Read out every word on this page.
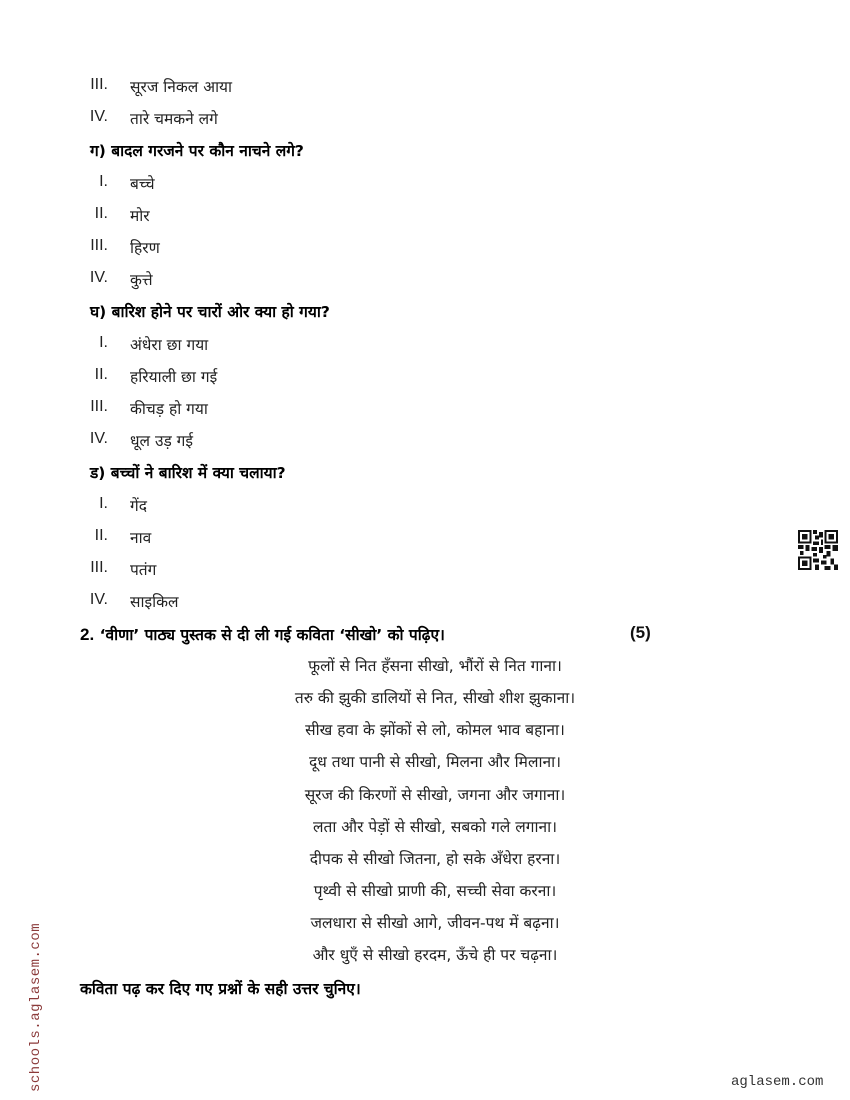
III. सूरज निकल आया
IV. तारे चमकने लगे
ग) बादल गरजने पर कौन नाचने लगे?
I. बच्चे
II. मोर
III. हिरण
IV. कुत्ते
घ) बारिश होने पर चारों ओर क्या हो गया?
I. अंधेरा छा गया
II. हरियाली छा गई
III. कीचड़ हो गया
IV. धूल उड़ गई
ड) बच्चों ने बारिश में क्या चलाया?
I. गेंद
II. नाव
III. पतंग
IV. साइकिल
2. ‘वीणा’ पाठ्य पुस्तक से दी ली गई कविता ‘सीखो’ को पढ़िए।	(5)
फूलों से नित हँसना सीखो, भौंरों से नित गाना।
तरु की झुकी डालियों से नित, सीखो शीश झुकाना।
सीख हवा के झोंकों से लो, कोमल भाव बहाना।
दूध तथा पानी से सीखो, मिलना और मिलाना।
सूरज की किरणों से सीखो, जगना और जगाना।
लता और पेड़ों से सीखो, सबको गले लगाना।
दीपक से सीखो जितना, हो सके अँधेरा हरना।
पृथ्वी से सीखो प्राणी की, सच्ची सेवा करना।
जलधारा से सीखो आगे, जीवन-पथ में बढ़ना।
और धुएँ से सीखो हरदम, ऊँचे ही पर चढ़ना।
कविता पढ़ कर दिए गए प्रश्नों के सही उत्तर चुनिए।
schools.aglasem.com	aglasem.com
